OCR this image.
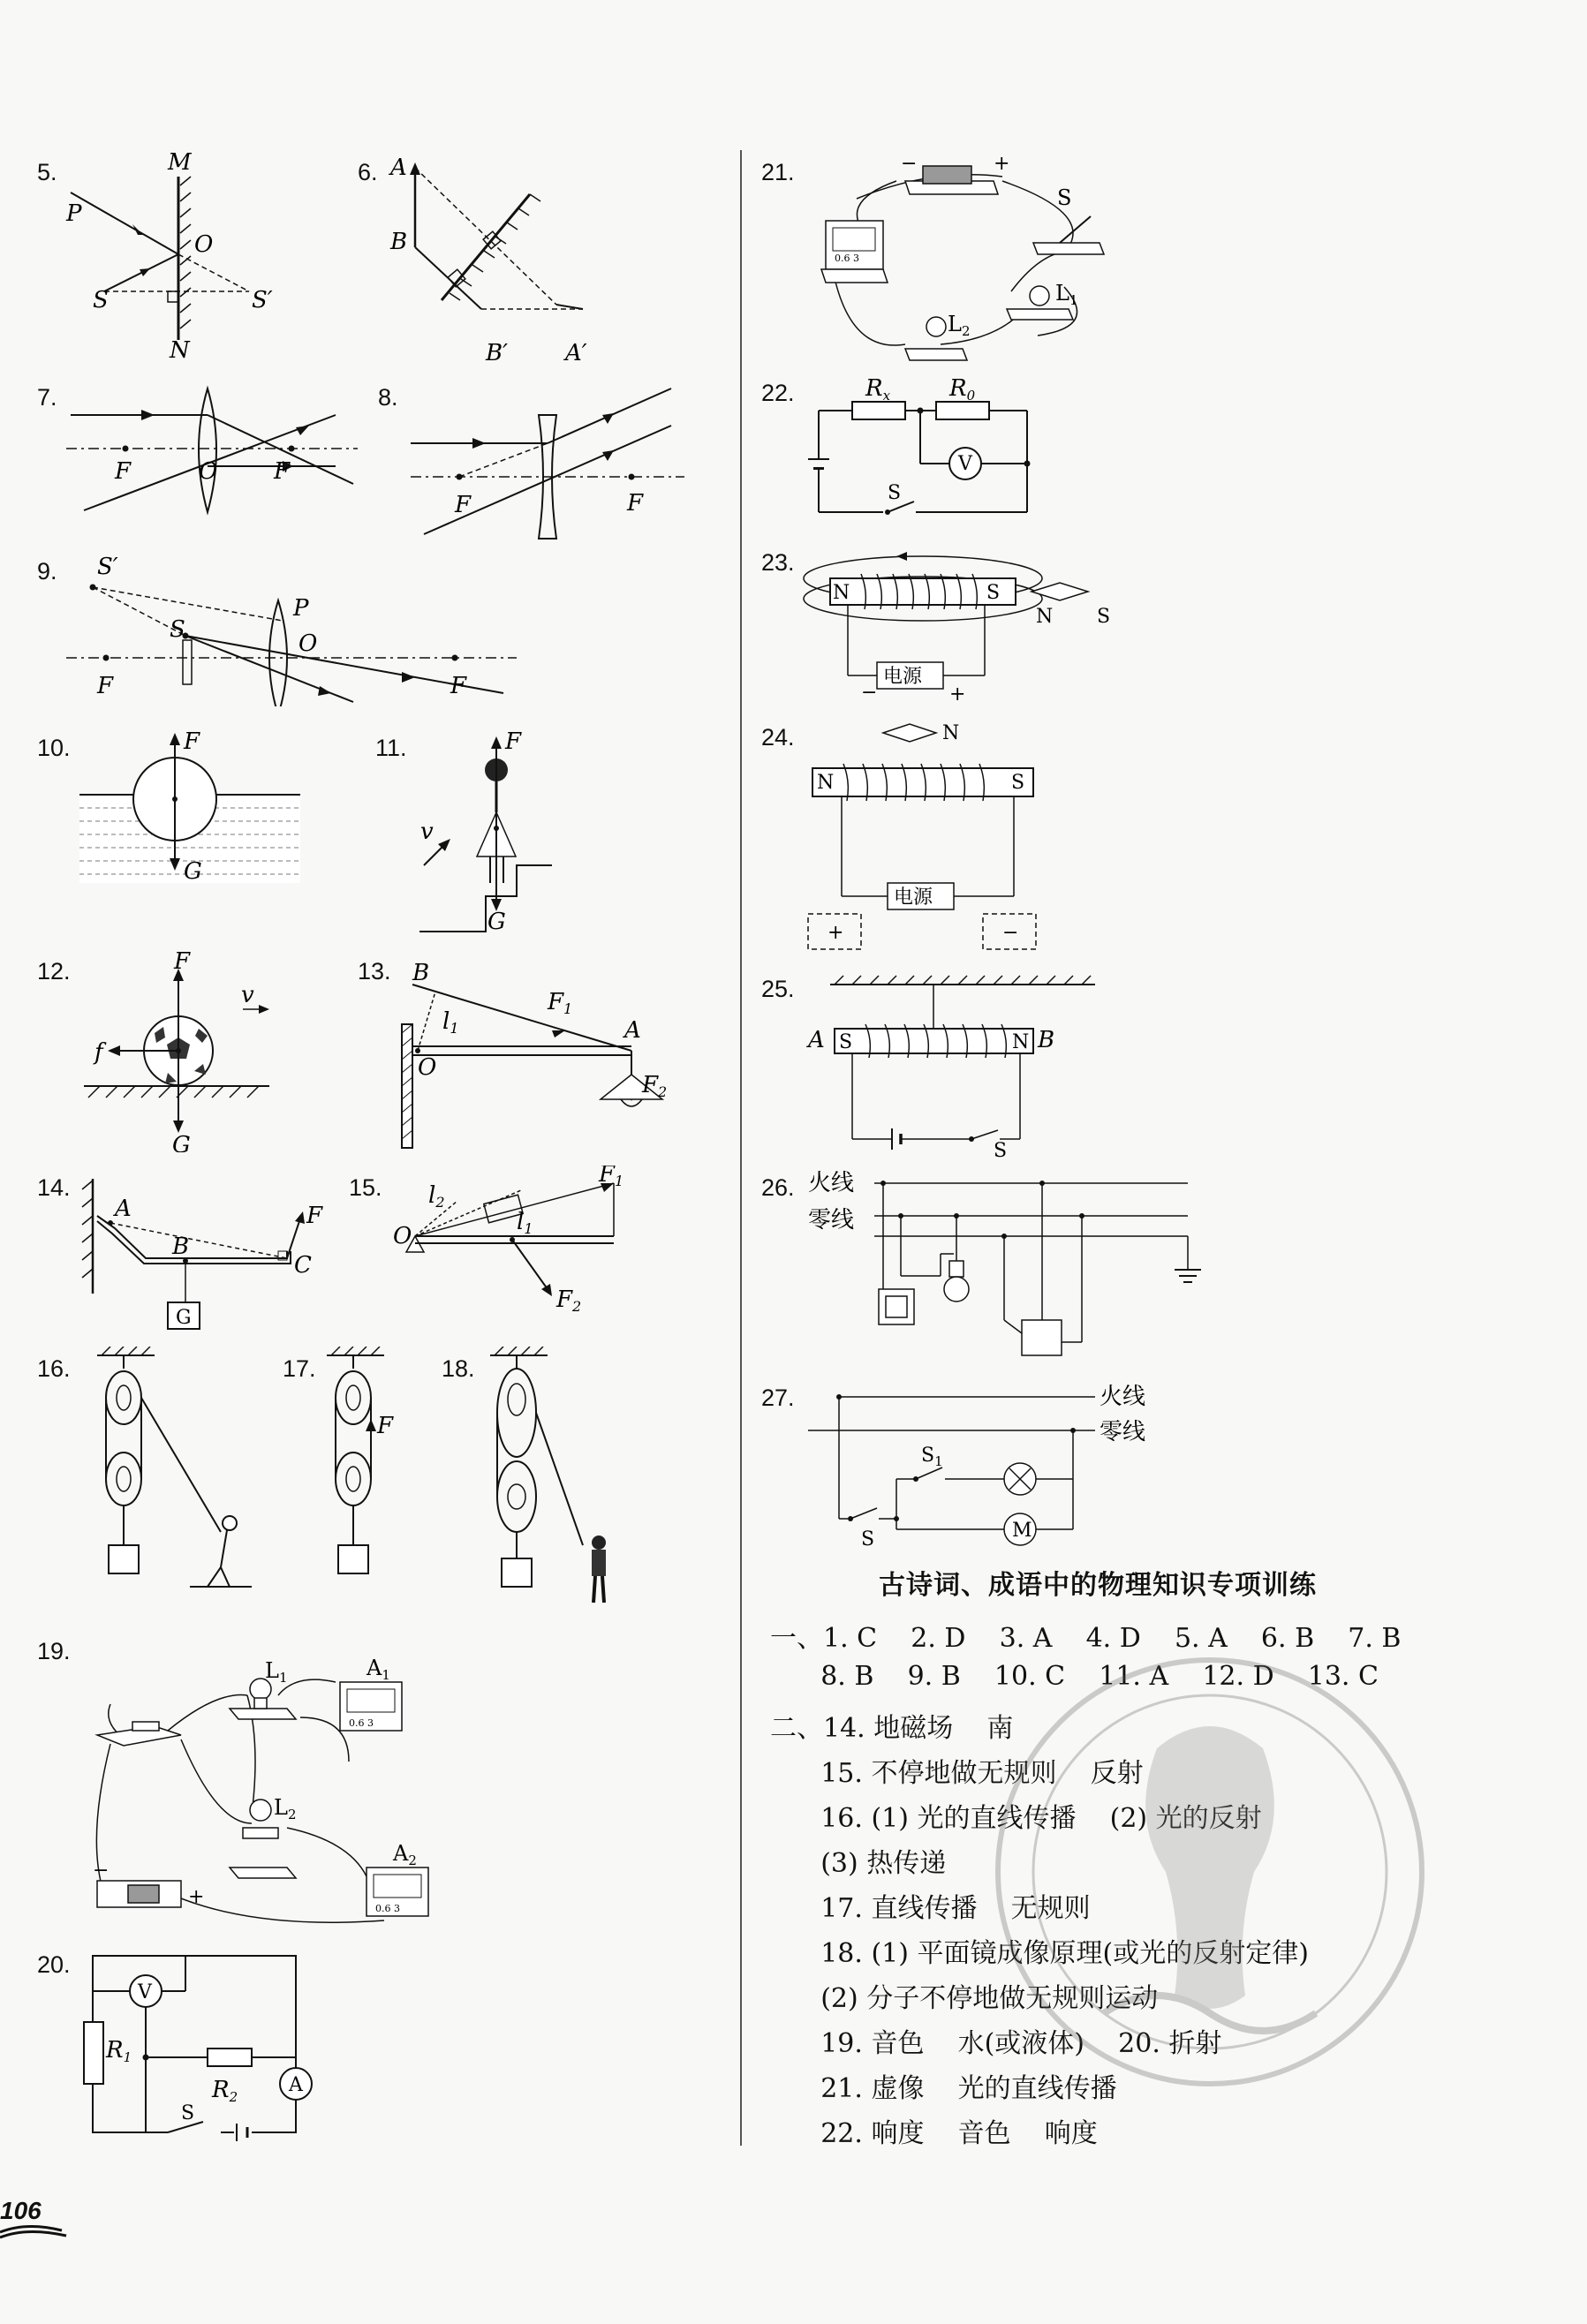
5.	6.
7.	8.
9.
10.	11.
12.	13.
14.	15.
16.	17.	18.
19.
20.
21.
22.
23.
24.
25.
26.
27.
M
N
O
P
S	S′
A
B
B′ A′
F	O F
F	F
S′
S
P
O
F	F
F
G
F
v
G
F
v
f
G
B
O
l1
F1
A
F2
A
B
C
F
G
O
l2
l1
F1
F2
F
0.6 3
0.6 3
$A_1$
$A_2$
$L_1$
$L_2$
−
+
V
A
R1
R2
S
0.6 3
−	+
S
$L_1$
$L_2$
V
Rx	R0
S
N	S
电源
−	+
N S
N
N	S
电源
+	−
A	B
S	N
S
火线
零线
火线
零线
M
S
$S_1$
古诗词、成语中的物理知识专项训练
一、1. C    2. D    3. A    4. D    5. A    6. B    7. B
8. B    9. B    10. C    11. A    12. D    13. C
二、14. 地磁场    南
15. 不停地做无规则    反射
16. (1) 光的直线传播    (2) 光的反射
(3) 热传递
17. 直线传播    无规则
18. (1) 平面镜成像原理(或光的反射定律)
(2) 分子不停地做无规则运动
19. 音色    水(或液体)    20. 折射
21. 虚像    光的直线传播
22. 响度    音色    响度
106
